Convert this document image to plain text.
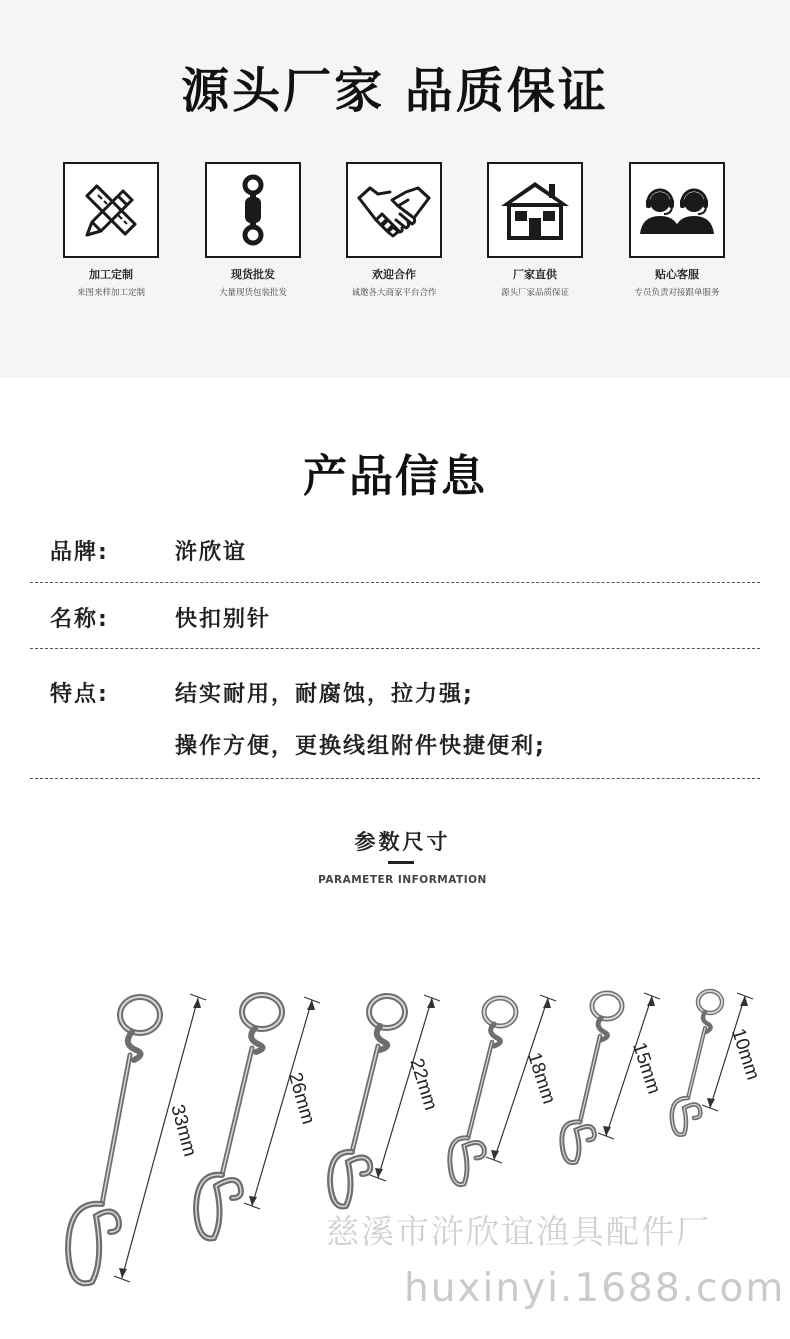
源头厂家 品质保证
加工定制
来图来样加工定制
现货批发
大量现货包装批发
欢迎合作
诚邀各大商家平台合作
厂家直供
源头厂家品质保证
贴心客服
专员负责对接跟单服务
产品信息
品牌:	浒欣谊
名称:	快扣别针
特点:	结实耐用，耐腐蚀，拉力强;
操作方便，更换线组附件快捷便利;
参数尺寸
PARAMETER INFORMATION
33mm
26mm	22mm	18mm	15mm	10mm
慈溪市浒欣谊渔具配件厂
huxinyi.1688.com
